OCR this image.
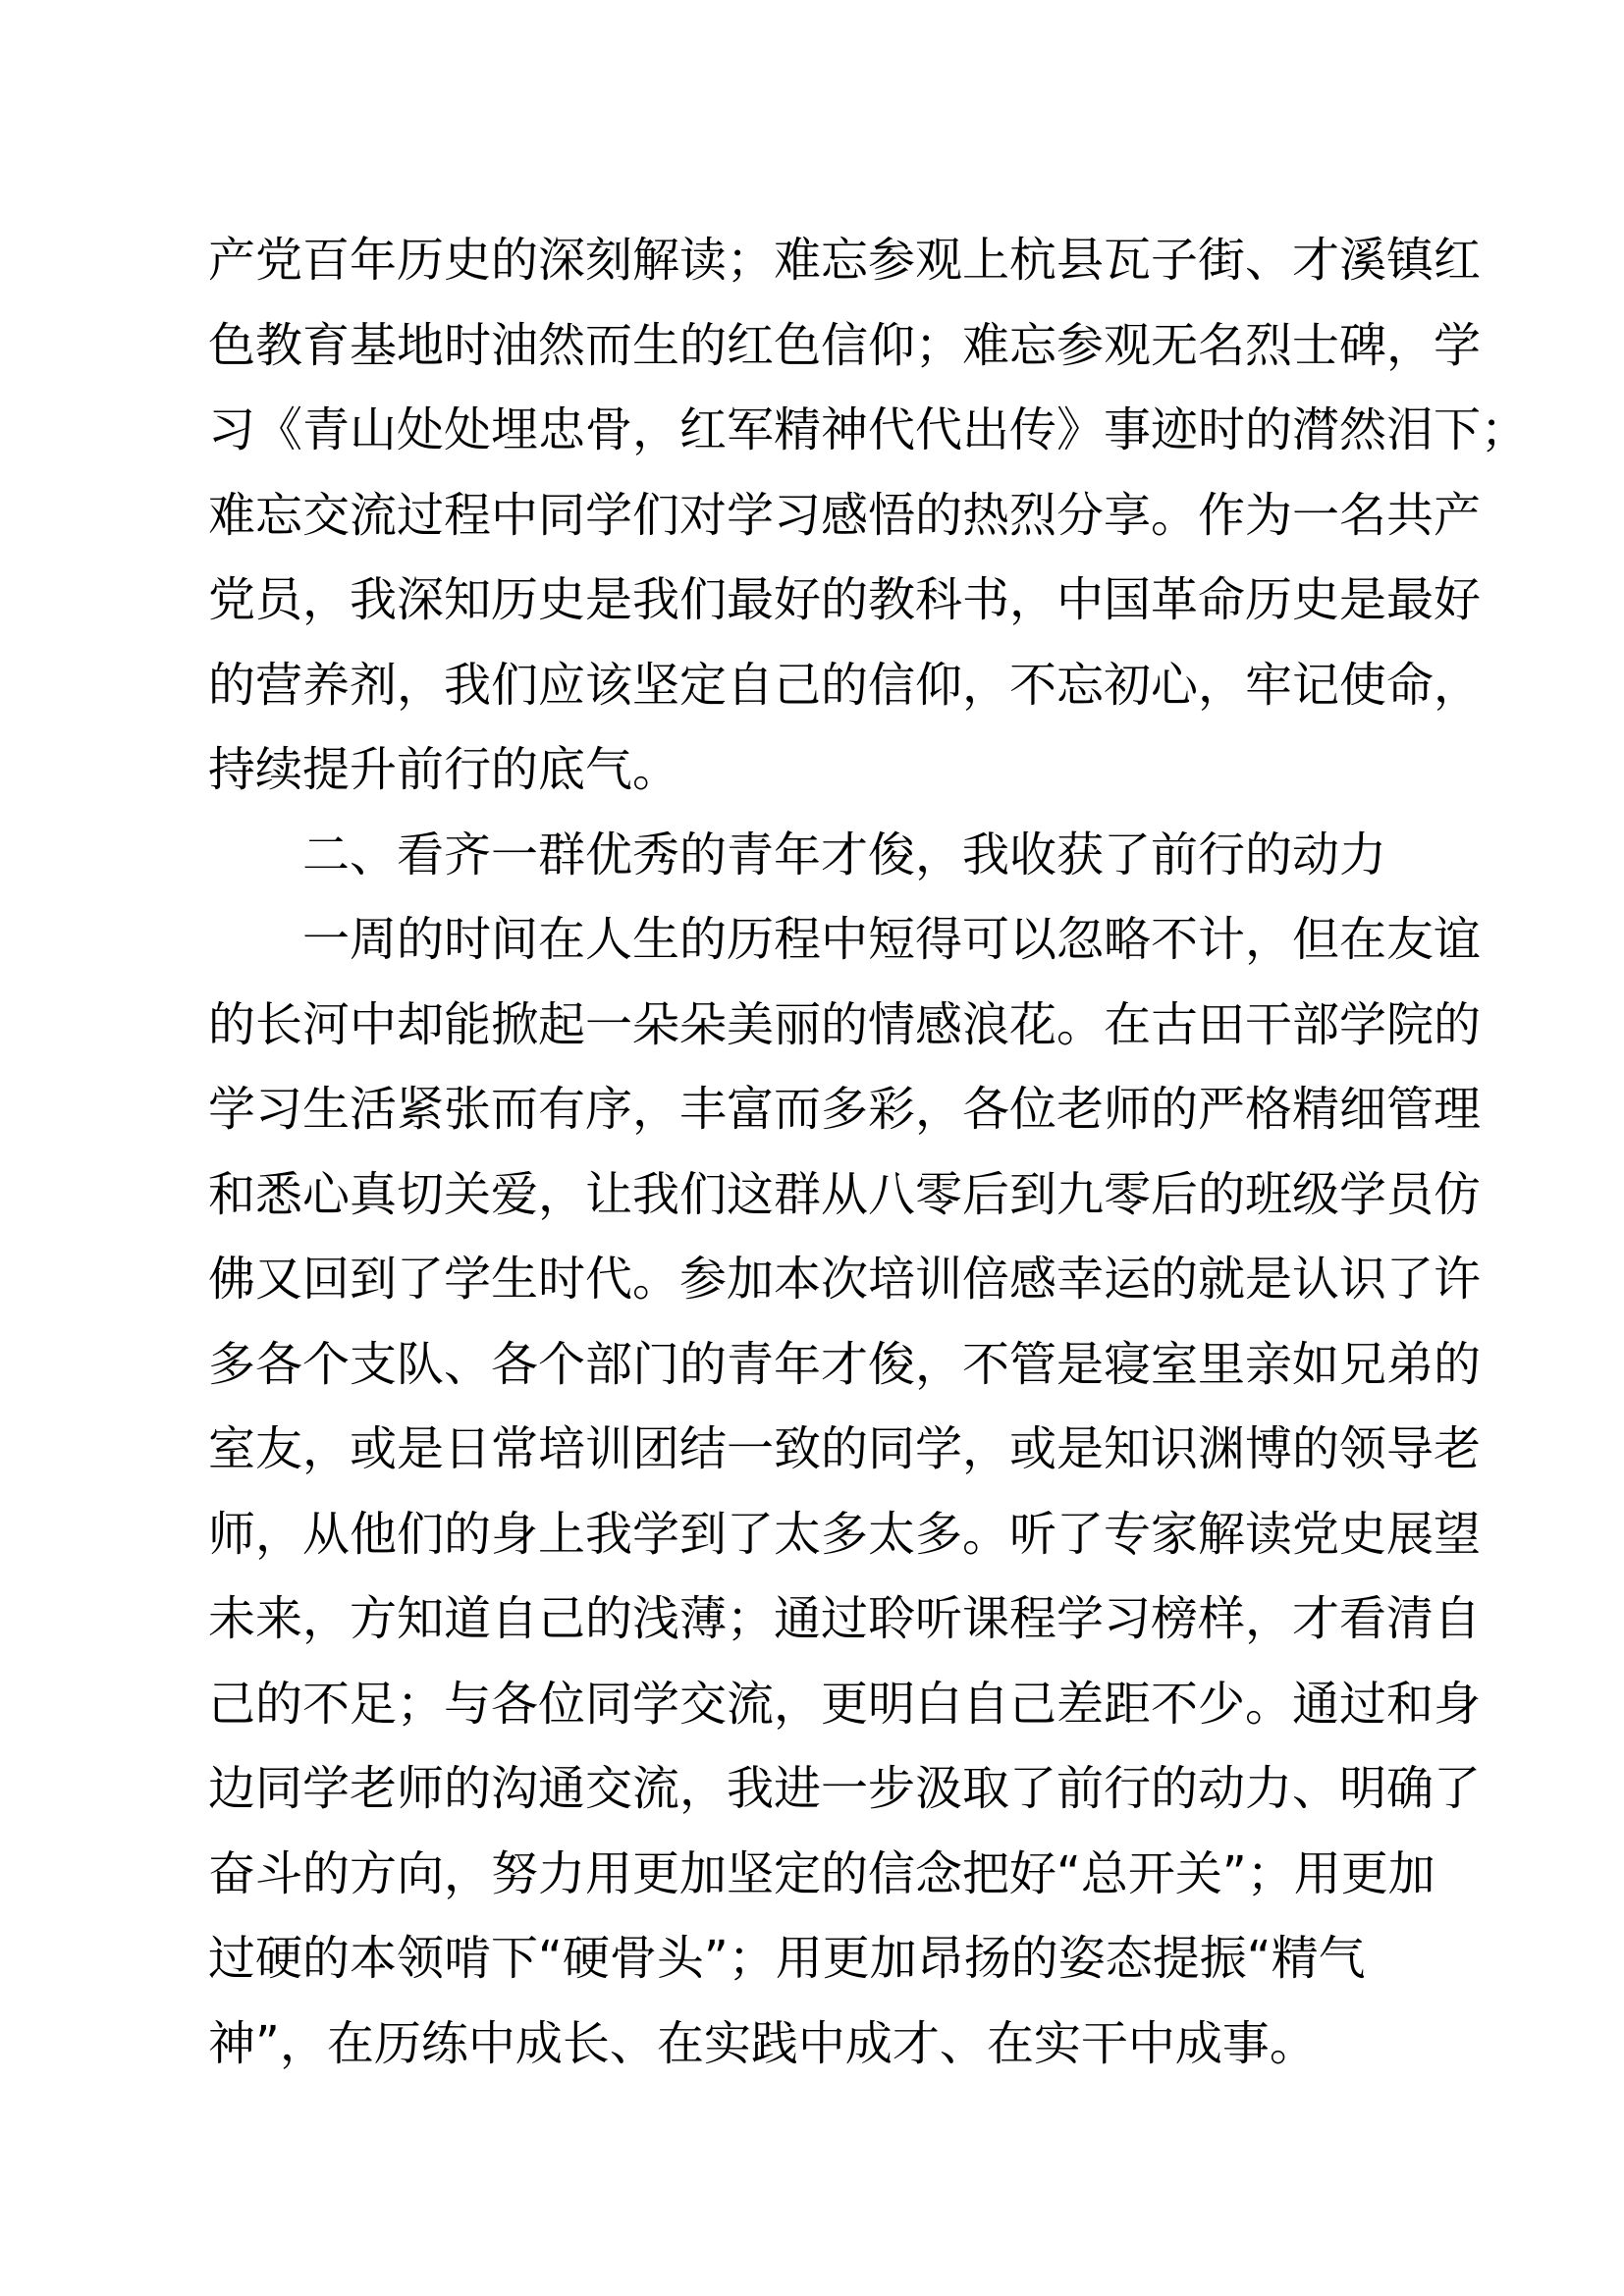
产党百年历史的深刻解读；难忘参观上杭县瓦子街、才溪镇红
色教育基地时油然而生的红色信仰；难忘参观无名烈士碑，学
习《青山处处埋忠骨，红军精神代代出传》事迹时的潸然泪下；
难忘交流过程中同学们对学习感悟的热烈分享。作为一名共产
党员，我深知历史是我们最好的教科书，中国革命历史是最好
的营养剂，我们应该坚定自己的信仰，不忘初心，牢记使命，
持续提升前行的底气。
二、看齐一群优秀的青年才俊，我收获了前行的动力
一周的时间在人生的历程中短得可以忽略不计，但在友谊
的长河中却能掀起一朵朵美丽的情感浪花。在古田干部学院的
学习生活紧张而有序，丰富而多彩，各位老师的严格精细管理
和悉心真切关爱，让我们这群从八零后到九零后的班级学员仿
佛又回到了学生时代。参加本次培训倍感幸运的就是认识了许
多各个支队、各个部门的青年才俊，不管是寝室里亲如兄弟的
室友，或是日常培训团结一致的同学，或是知识渊博的领导老
师，从他们的身上我学到了太多太多。听了专家解读党史展望
未来，方知道自己的浅薄；通过聆听课程学习榜样，才看清自
己的不足；与各位同学交流，更明白自己差距不少。通过和身
边同学老师的沟通交流，我进一步汲取了前行的动力、明确了
奋斗的方向，努力用更加坚定的信念把好“总开关”；用更加
过硬的本领啃下“硬骨头”；用更加昂扬的姿态提振“精气
神”，在历练中成长、在实践中成才、在实干中成事。
